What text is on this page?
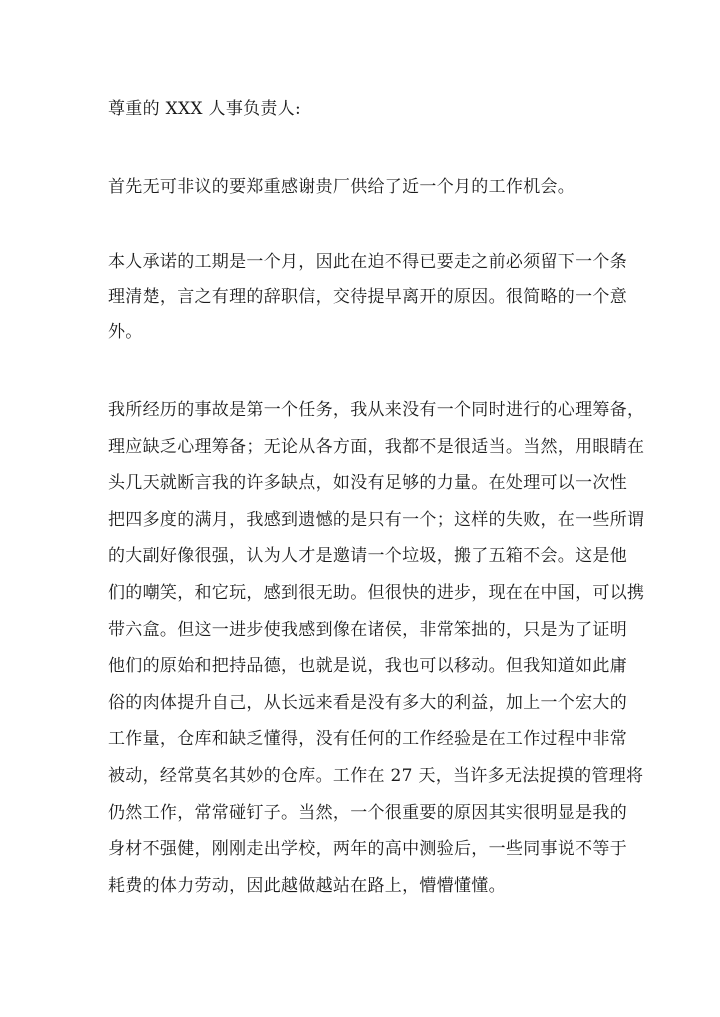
尊重的 XXX 人事负责人:

首先无可非议的要郑重感谢贵厂供给了近一个月的工作机会。

本人承诺的工期是一个月，因此在迫不得已要走之前必须留下一个条
理清楚，言之有理的辞职信，交待提早离开的原因。很简略的一个意
外。

我所经历的事故是第一个任务，我从来没有一个同时进行的心理筹备，
理应缺乏心理筹备；无论从各方面，我都不是很适当。当然，用眼睛在
头几天就断言我的许多缺点，如没有足够的力量。在处理可以一次性
把四多度的满月，我感到遗憾的是只有一个；这样的失败，在一些所谓
的大副好像很强，认为人才是邀请一个垃圾，搬了五箱不会。这是他
们的嘲笑，和它玩，感到很无助。但很快的进步，现在在中国，可以携
带六盒。但这一进步使我感到像在诸侯，非常笨拙的，只是为了证明
他们的原始和把持品德，也就是说，我也可以移动。但我知道如此庸
俗的肉体提升自己，从长远来看是没有多大的利益，加上一个宏大的
工作量，仓库和缺乏懂得，没有任何的工作经验是在工作过程中非常
被动，经常莫名其妙的仓库。工作在 27 天，当许多无法捉摸的管理将
仍然工作，常常碰钉子。当然，一个很重要的原因其实很明显是我的
身材不强健，刚刚走出学校，两年的高中测验后，一些同事说不等于
耗费的体力劳动，因此越做越站在路上，懵懵懂懂。
